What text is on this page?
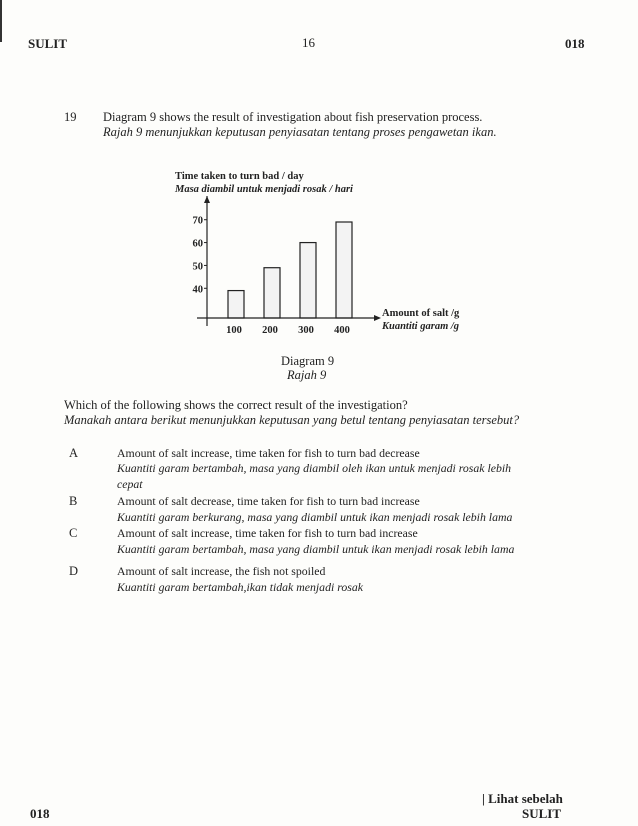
SULIT	16	018
19 Diagram 9 shows the result of investigation about fish preservation process.
Rajah 9 menunjukkan keputusan penyiasatan tentang proses pengawetan ikan.
Time taken to turn bad / day
Masa diambil untuk menjadi rosak / hari
40
50
60
70
100 200 300 400
Amount of salt /g
Kuantiti garam /g
Diagram 9
Rajah 9
Which of the following shows the correct result of the investigation?
Manakah antara berikut menunjukkan keputusan yang betul tentang penyiasatan tersebut?
A	Amount of salt increase, time taken for fish to turn bad decrease
Kuantiti garam bertambah, masa yang diambil oleh ikan untuk menjadi rosak lebih
cepat
B	Amount of salt decrease, time taken for fish to turn bad increase
Kuantiti garam berkurang, masa yang diambil untuk ikan menjadi rosak lebih lama
C	Amount of salt increase, time taken for fish to turn bad increase
Kuantiti garam bertambah, masa yang diambil untuk ikan menjadi rosak lebih lama
D	Amount of salt increase, the fish not spoiled
Kuantiti garam bertambah,ikan tidak menjadi rosak
018
| Lihat sebelah
SULIT
